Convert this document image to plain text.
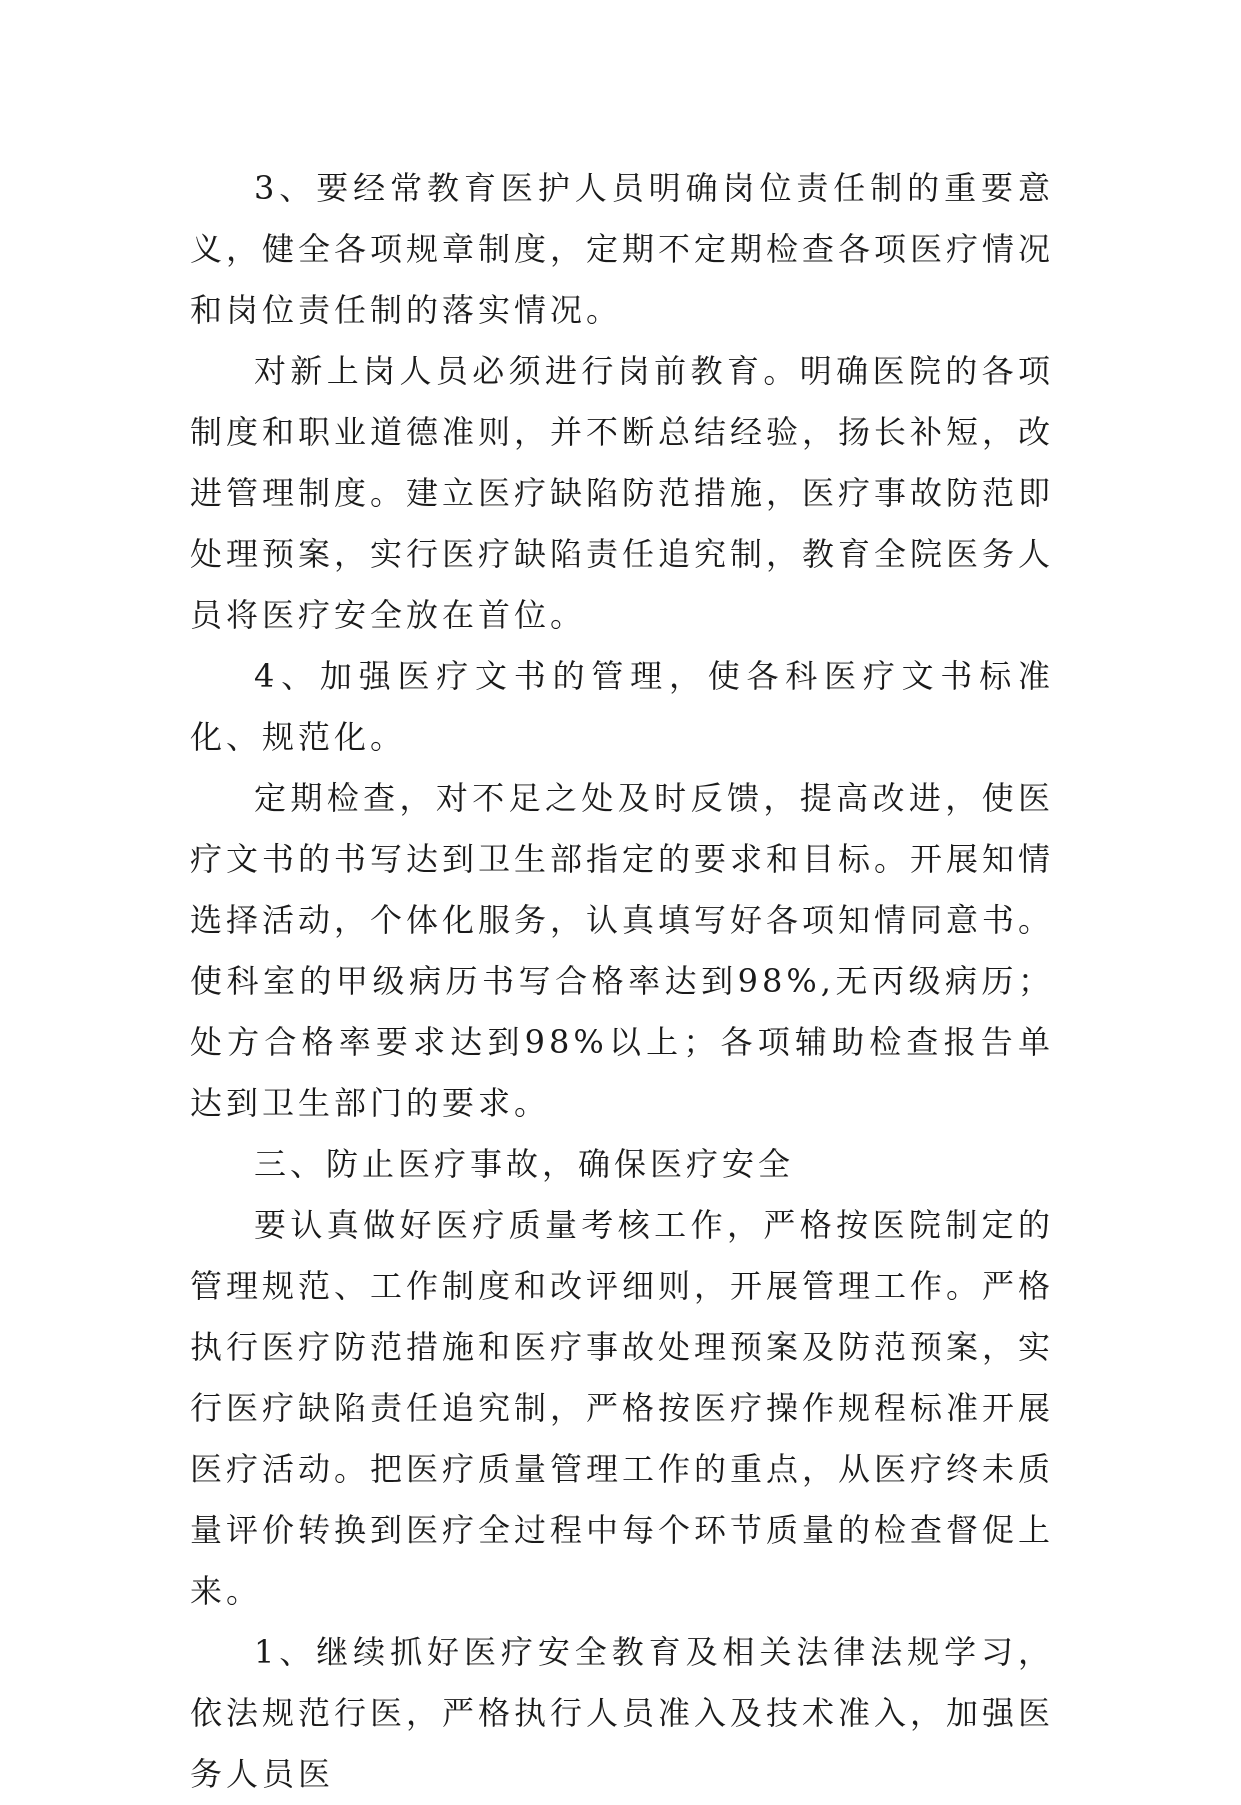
3、要经常教育医护人员明确岗位责任制的重要意义，健全各项规章制度，定期不定期检查各项医疗情况和岗位责任制的落实情况。

对新上岗人员必须进行岗前教育。明确医院的各项制度和职业道德准则，并不断总结经验，扬长补短，改进管理制度。建立医疗缺陷防范措施，医疗事故防范即处理预案，实行医疗缺陷责任追究制，教育全院医务人员将医疗安全放在首位。

4、加强医疗文书的管理，使各科医疗文书标准化、规范化。

定期检查，对不足之处及时反馈，提高改进，使医疗文书的书写达到卫生部指定的要求和目标。开展知情选择活动，个体化服务，认真填写好各项知情同意书。使科室的甲级病历书写合格率达到98%,无丙级病历；处方合格率要求达到98%以上；各项辅助检查报告单达到卫生部门的要求。

三、防止医疗事故，确保医疗安全

要认真做好医疗质量考核工作，严格按医院制定的管理规范、工作制度和改评细则，开展管理工作。严格执行医疗防范措施和医疗事故处理预案及防范预案，实行医疗缺陷责任追究制，严格按医疗操作规程标准开展医疗活动。把医疗质量管理工作的重点，从医疗终未质量评价转换到医疗全过程中每个环节质量的检查督促上来。

1、继续抓好医疗安全教育及相关法律法规学习，依法规范行医，严格执行人员准入及技术准入，加强医务人员医
